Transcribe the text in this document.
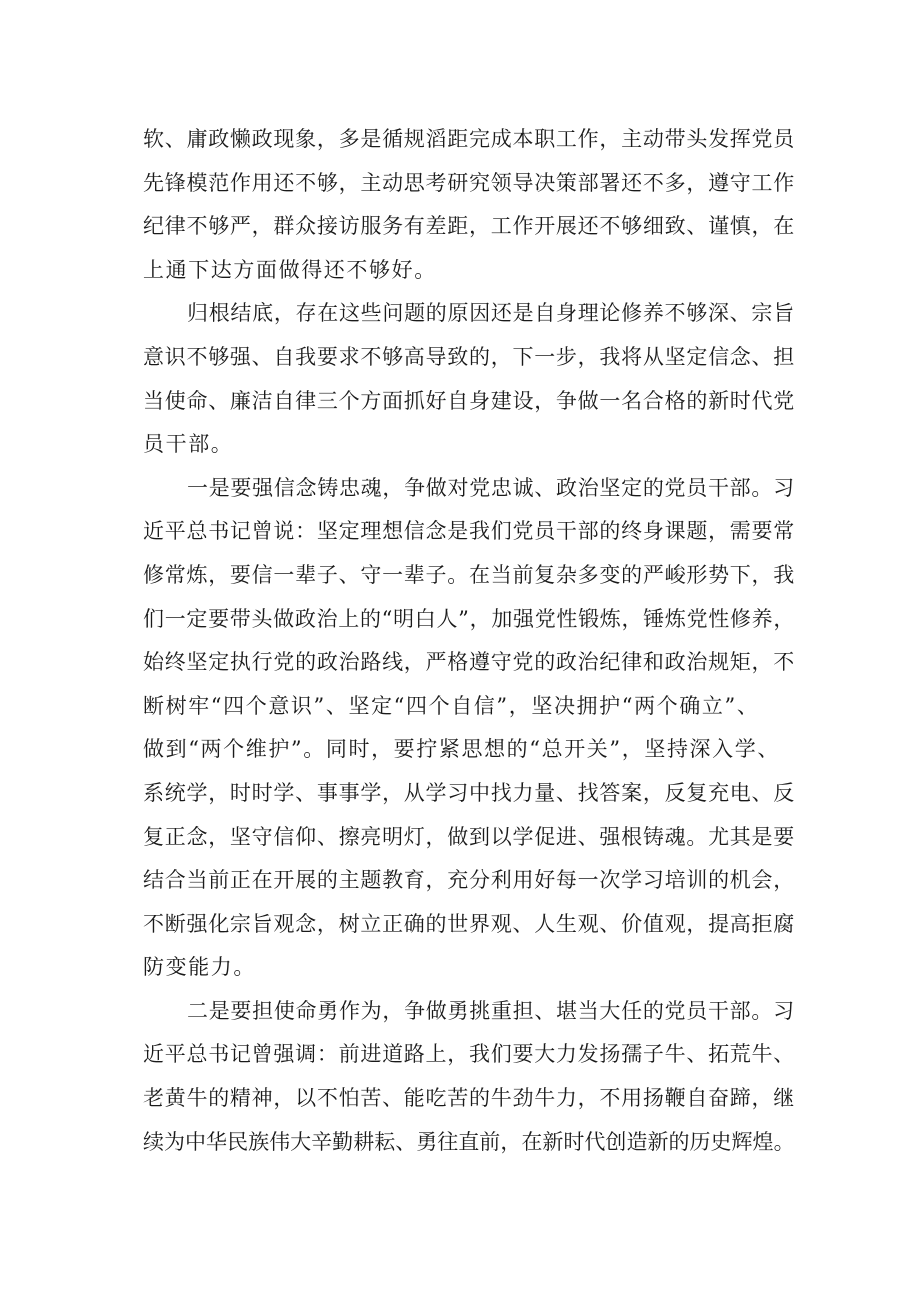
软、庸政懒政现象，多是循规滔距完成本职工作，主动带头发挥党员
先锋模范作用还不够，主动思考研究领导决策部署还不多，遵守工作
纪律不够严，群众接访服务有差距，工作开展还不够细致、谨慎，在
上通下达方面做得还不够好。
归根结底，存在这些问题的原因还是自身理论修养不够深、宗旨
意识不够强、自我要求不够高导致的，下一步，我将从坚定信念、担
当使命、廉洁自律三个方面抓好自身建设，争做一名合格的新时代党
员干部。
一是要强信念铸忠魂，争做对党忠诚、政治坚定的党员干部。习
近平总书记曾说：坚定理想信念是我们党员干部的终身课题，需要常
修常炼，要信一辈子、守一辈子。在当前复杂多变的严峻形势下，我
们一定要带头做政治上的“明白人”，加强党性锻炼，锤炼党性修养，
始终坚定执行党的政治路线，严格遵守党的政治纪律和政治规矩，不
断树牢“四个意识”、坚定“四个自信”，坚决拥护“两个确立”、
做到“两个维护”。同时，要拧紧思想的“总开关”，坚持深入学、
系统学，时时学、事事学，从学习中找力量、找答案，反复充电、反
复正念，坚守信仰、擦亮明灯，做到以学促进、强根铸魂。尤其是要
结合当前正在开展的主题教育，充分利用好每一次学习培训的机会，
不断强化宗旨观念，树立正确的世界观、人生观、价值观，提高拒腐
防变能力。
二是要担使命勇作为，争做勇挑重担、堪当大任的党员干部。习
近平总书记曾强调：前进道路上，我们要大力发扬孺子牛、拓荒牛、
老黄牛的精神，以不怕苦、能吃苦的牛劲牛力，不用扬鞭自奋蹄，继
续为中华民族伟大辛勤耕耘、勇往直前，在新时代创造新的历史辉煌。
